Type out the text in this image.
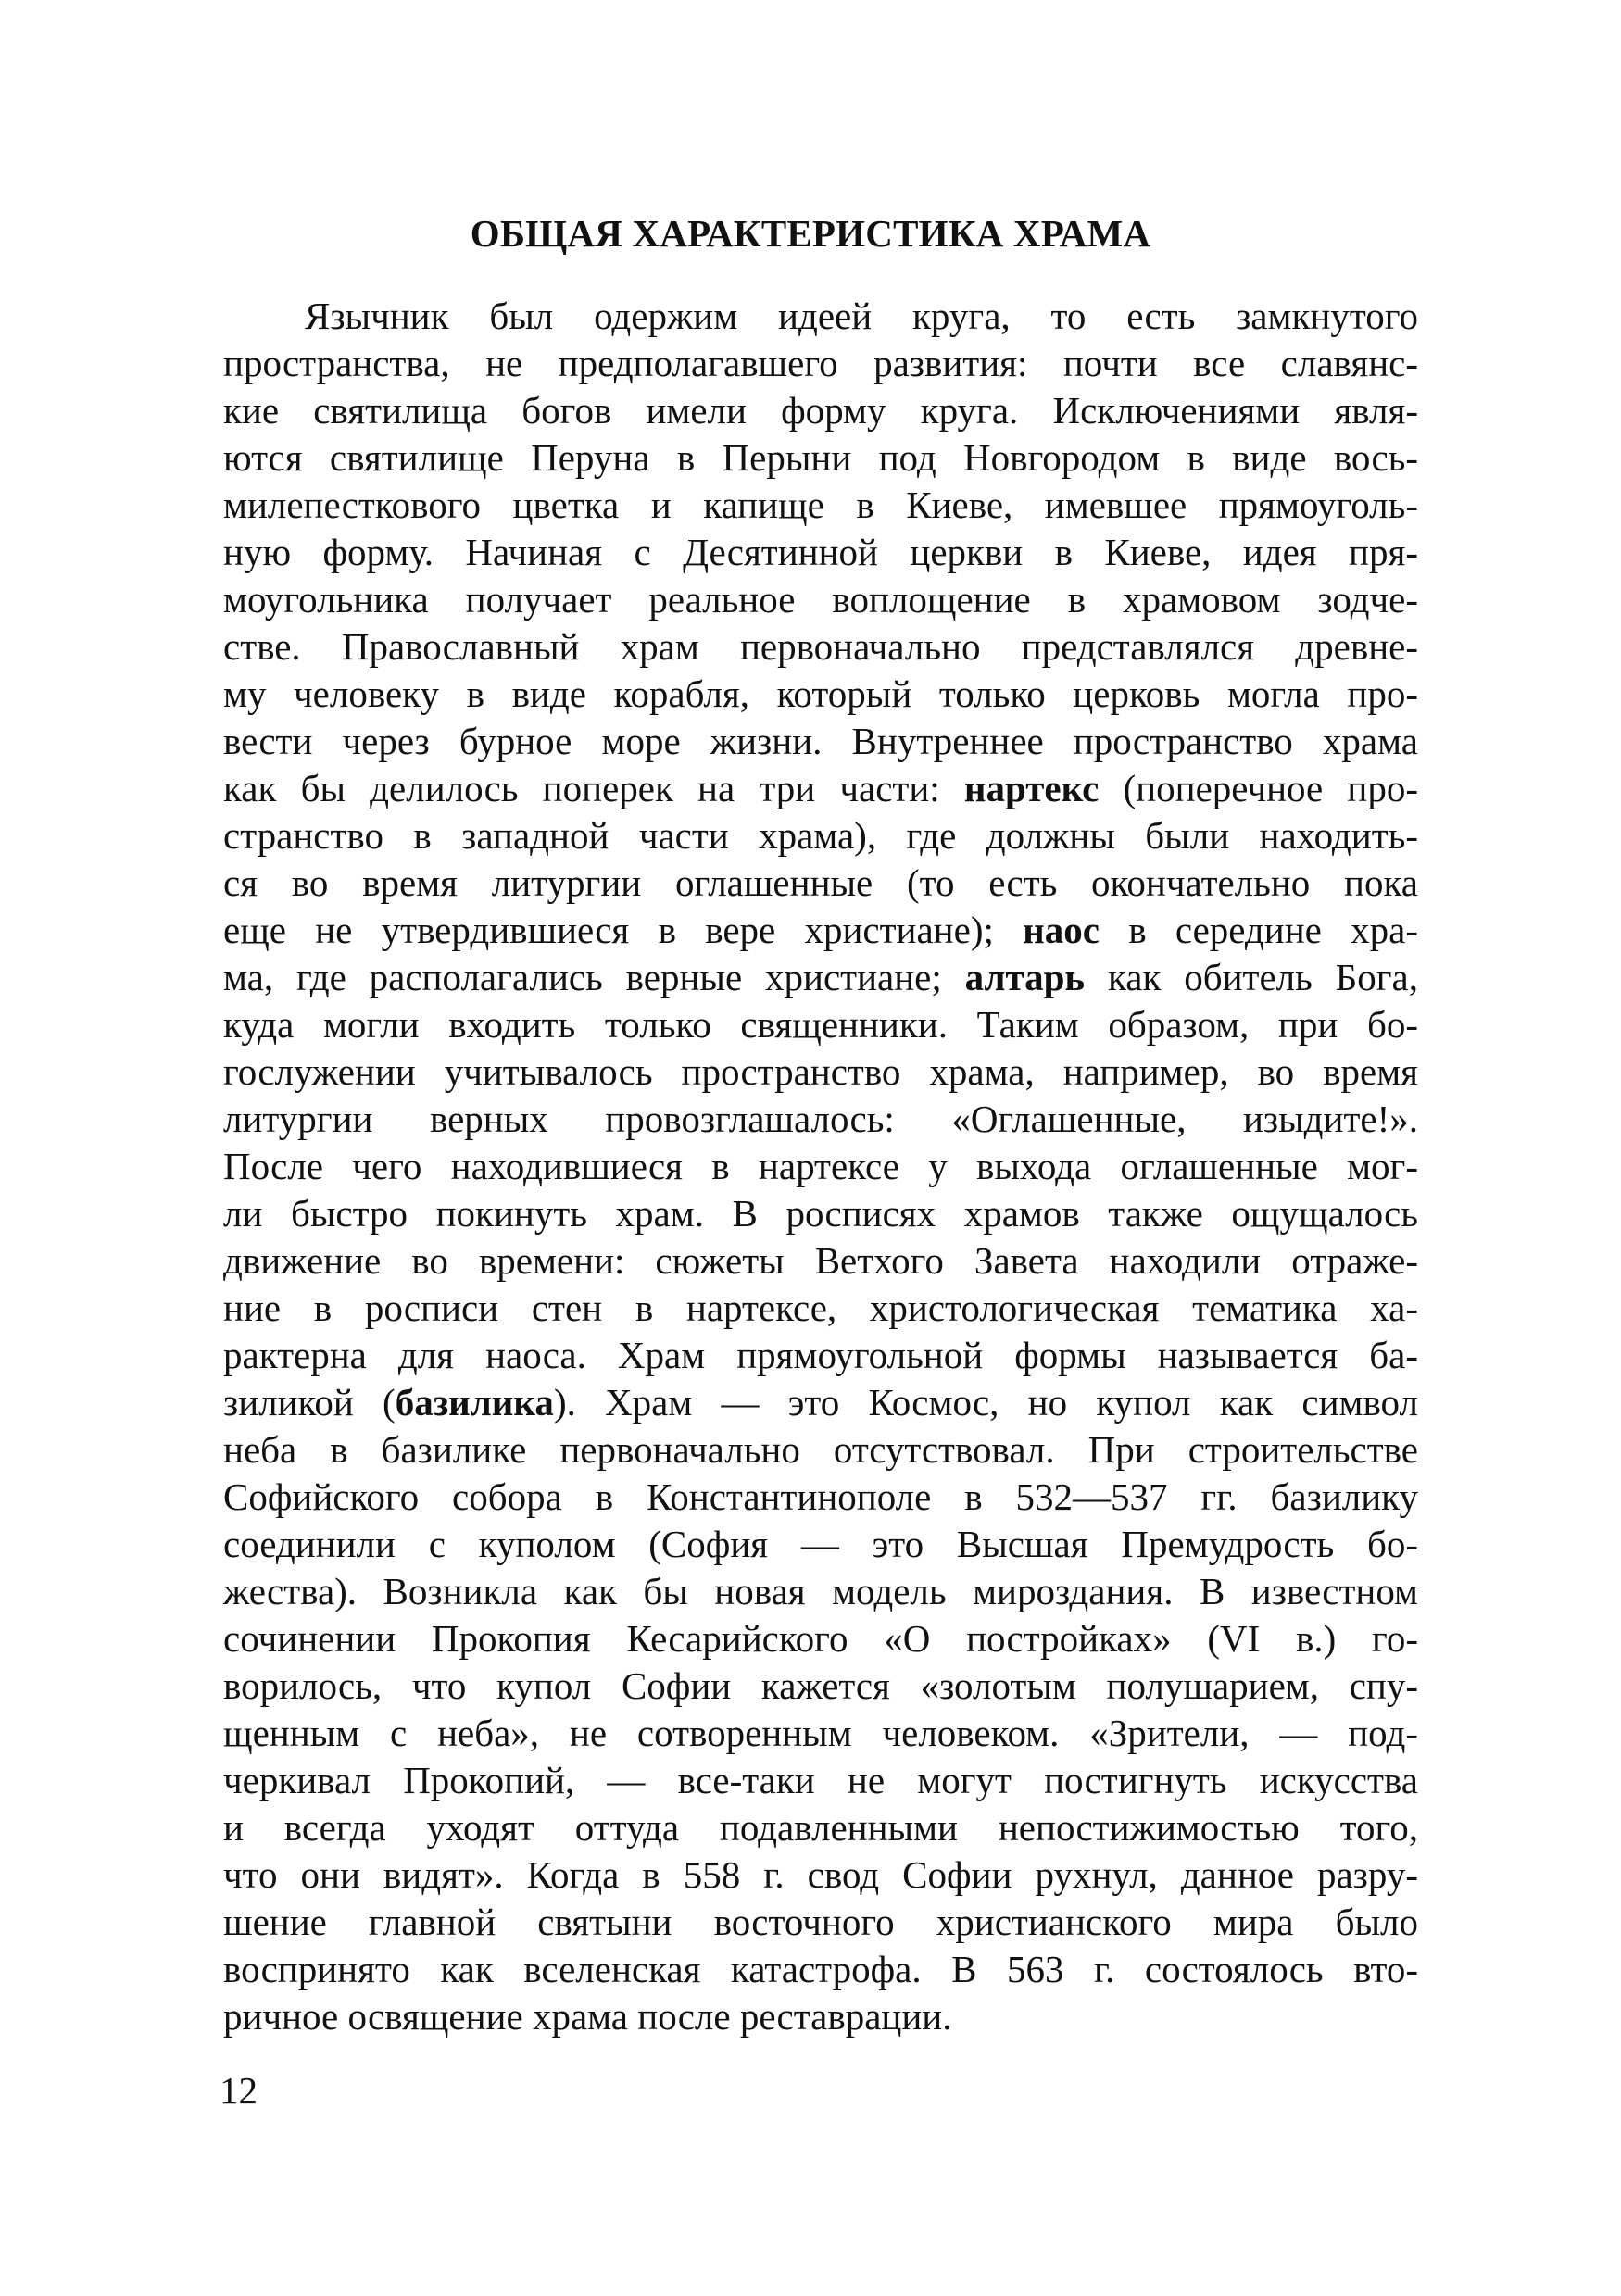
ОБЩАЯ ХАРАКТЕРИСТИКА ХРАМА
Язычник был одержим идеей круга, то есть замкнутого
пространства, не предполагавшего развития: почти все славянс-
кие святилища богов имели форму круга. Исключениями явля-
ются святилище Перуна в Перыни под Новгородом в виде вось-
милепесткового цветка и капище в Киеве, имевшее прямоуголь-
ную форму. Начиная с Десятинной церкви в Киеве, идея пря-
моугольника получает реальное воплощение в храмовом зодче-
стве. Православный храм первоначально представлялся древне-
му человеку в виде корабля, который только церковь могла про-
вести через бурное море жизни. Внутреннее пространство храма
как бы делилось поперек на три части: нартекс (поперечное про-
странство в западной части храма), где должны были находить-
ся во время литургии оглашенные (то есть окончательно пока
еще не утвердившиеся в вере христиане); наос в середине хра-
ма, где располагались верные христиане; алтарь как обитель Бога,
куда могли входить только священники. Таким образом, при бо-
гослужении учитывалось пространство храма, например, во время
литургии верных провозглашалось: «Оглашенные, изыдите!».
После чего находившиеся в нартексе у выхода оглашенные мог-
ли быстро покинуть храм. В росписях храмов также ощущалось
движение во времени: сюжеты Ветхого Завета находили отраже-
ние в росписи стен в нартексе, христологическая тематика ха-
рактерна для наоса. Храм прямоугольной формы называется ба-
зиликой (базилика). Храм — это Космос, но купол как символ
неба в базилике первоначально отсутствовал. При строительстве
Софийского собора в Константинополе в 532—537 гг. базилику
соединили с куполом (София — это Высшая Премудрость бо-
жества). Возникла как бы новая модель мироздания. В известном
сочинении Прокопия Кесарийского «О постройках» (VI в.) го-
ворилось, что купол Софии кажется «золотым полушарием, спу-
щенным с неба», не сотворенным человеком. «Зрители, — под-
черкивал Прокопий, — все-таки не могут постигнуть искусства
и всегда уходят оттуда подавленными непостижимостью того,
что они видят». Когда в 558 г. свод Софии рухнул, данное разру-
шение главной святыни восточного христианского мира было
воспринято как вселенская катастрофа. В 563 г. состоялось вто-
ричное освящение храма после реставрации.
12
